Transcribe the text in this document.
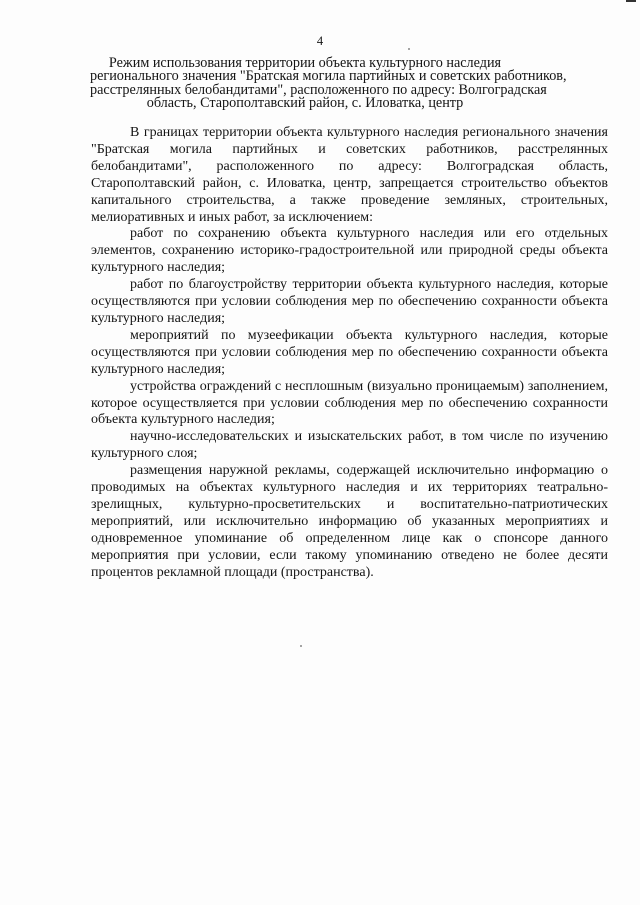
4
Режим использования территории объекта культурного наследия
регионального значения "Братская могила партийных и советских работников,
расстрелянных белобандитами", расположенного по адресу: Волгоградская
область, Старополтавский район, с. Иловатка, центр

В границах территории объекта культурного наследия регионального значения "Братская могила партийных и советских работников, расстрелянных белобандитами", расположенного по адресу: Волгоградская область, Старополтавский район, с. Иловатка, центр, запрещается строительство объектов капитального строительства, а также проведение земляных, строительных, мелиоративных и иных работ, за исключением:

работ по сохранению объекта культурного наследия или его отдельных элементов, сохранению историко-градостроительной или природной среды объекта культурного наследия;

работ по благоустройству территории объекта культурного наследия, которые осуществляются при условии соблюдения мер по обеспечению сохранности объекта культурного наследия;

мероприятий по музеефикации объекта культурного наследия, которые осуществляются при условии соблюдения мер по обеспечению сохранности объекта культурного наследия;

устройства ограждений с несплошным (визуально проницаемым) заполнением, которое осуществляется при условии соблюдения мер по обеспечению сохранности объекта культурного наследия;

научно-исследовательских и изыскательских работ, в том числе по изучению культурного слоя;

размещения наружной рекламы, содержащей исключительно информацию о проводимых на объектах культурного наследия и их территориях театрально-зрелищных, культурно-просветительских и воспитательно-патриотических мероприятий, или исключительно информацию об указанных мероприятиях и одновременное упоминание об определенном лице как о спонсоре данного мероприятия при условии, если такому упоминанию отведено не более десяти процентов рекламной площади (пространства).
